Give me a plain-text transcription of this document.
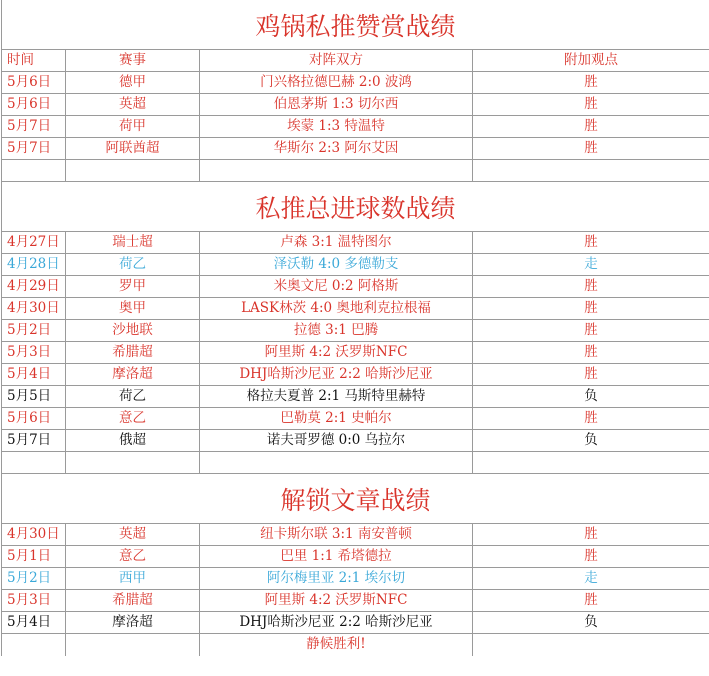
鸡锅私推赞赏战绩
时间	赛事	对阵双方	附加观点
5月6日	德甲	门兴格拉德巴赫 2:0 波鸿	胜
5月6日	英超	伯恩茅斯 1:3 切尔西	胜
5月7日	荷甲	埃蒙 1:3 特温特	胜
5月7日	阿联酋超	华斯尔 2:3 阿尔艾因	胜
私推总进球数战绩
4月27日	瑞士超	卢森 3:1 温特图尔	胜
4月28日	荷乙	泽沃勒 4:0 多德勒支	走
4月29日	罗甲	米奥文尼 0:2 阿格斯	胜
4月30日	奥甲	LASK林茨 4:0 奥地利克拉根福	胜
5月2日	沙地联	拉德 3:1 巴腾	胜
5月3日	希腊超	阿里斯 4:2 沃罗斯NFC	胜
5月4日	摩洛超	DHJ哈斯沙尼亚 2:2 哈斯沙尼亚	胜
5月5日	荷乙	格拉夫夏普 2:1 马斯特里赫特	负
5月6日	意乙	巴勒莫 2:1 史帕尔	胜
5月7日	俄超	诺夫哥罗德 0:0 乌拉尔	负
解锁文章战绩
4月30日	英超	纽卡斯尔联 3:1 南安普顿	胜
5月1日	意乙	巴里 1:1 希塔德拉	胜
5月2日	西甲	阿尔梅里亚 2:1 埃尔切	走
5月3日	希腊超	阿里斯 4:2 沃罗斯NFC	胜
5月4日	摩洛超	DHJ哈斯沙尼亚 2:2 哈斯沙尼亚	负
静候胜利!
